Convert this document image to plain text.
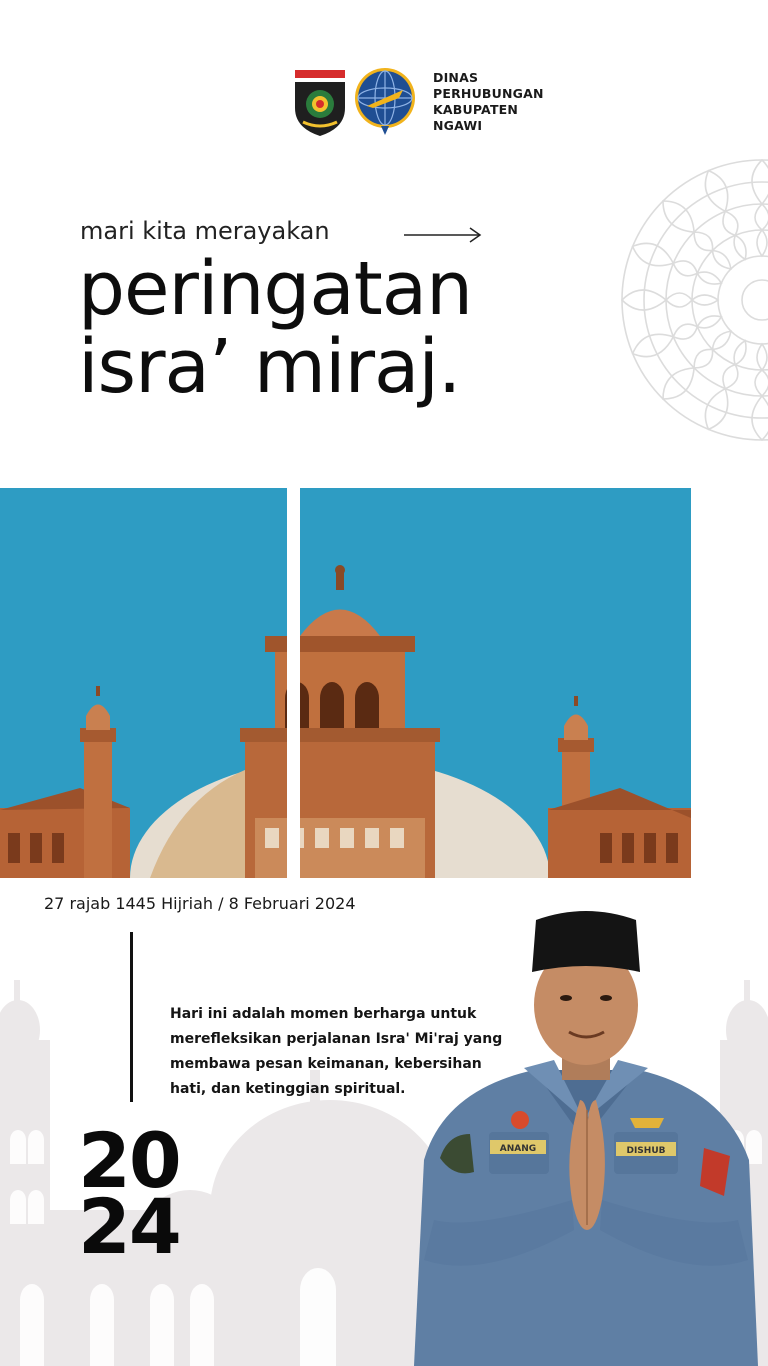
DINAS
PERHUBUNGAN
KABUPATEN
NGAWI
mari kita merayakan
peringatan
isra’ miraj.
27 rajab 1445 Hijriah / 8 Februari 2024
Hari ini adalah momen berharga untuk merefleksikan perjalanan Isra' Mi'raj yang membawa pesan keimanan, kebersihan hati, dan ketinggian spiritual.
20
24
ANANG	DISHUB
